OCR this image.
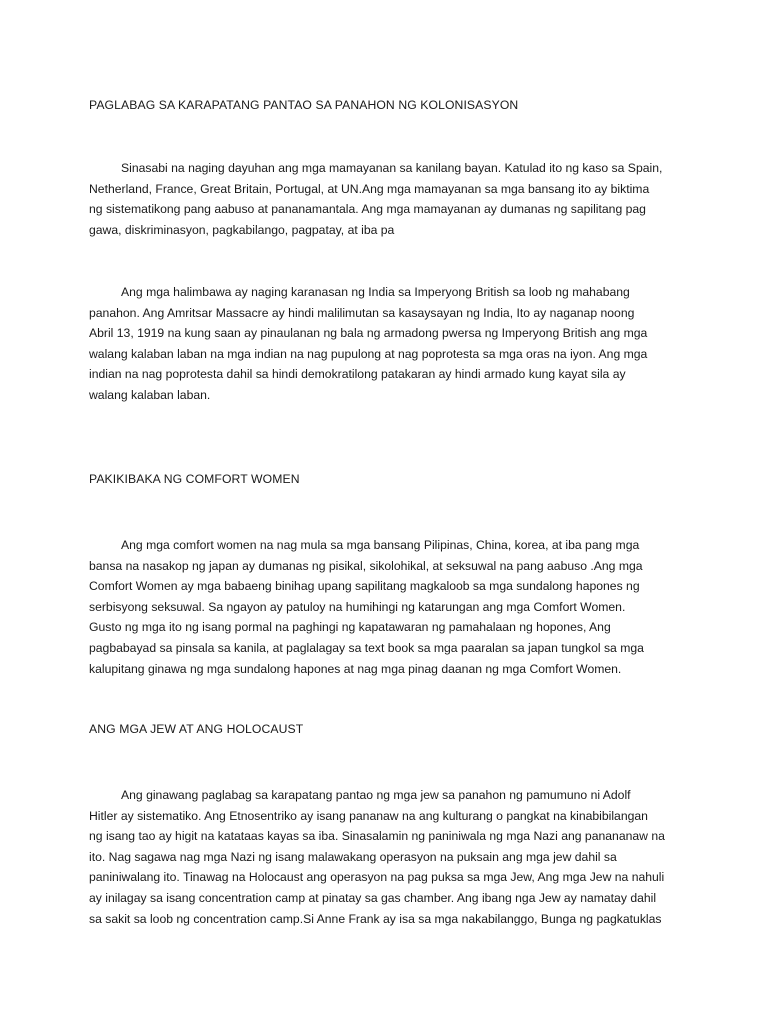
PAGLABAG SA KARAPATANG PANTAO SA PANAHON NG KOLONISASYON

Sinasabi na naging dayuhan ang mga mamayanan sa kanilang bayan. Katulad ito ng kaso sa Spain,
Netherland, France, Great Britain, Portugal, at UN.Ang mga mamayanan sa mga bansang ito ay biktima
ng sistematikong pang aabuso at pananamantala. Ang mga mamayanan ay dumanas ng sapilitang pag
gawa, diskriminasyon, pagkabilango, pagpatay, at iba pa

Ang mga halimbawa ay naging karanasan ng India sa Imperyong British sa loob ng mahabang
panahon. Ang Amritsar Massacre ay hindi malilimutan sa kasaysayan ng India, Ito ay naganap noong
Abril 13, 1919 na kung saan ay pinaulanan ng bala ng armadong pwersa ng Imperyong British ang mga
walang kalaban laban na mga indian na nag pupulong at nag poprotesta sa mga oras na iyon. Ang mga
indian na nag poprotesta dahil sa hindi demokratilong patakaran ay hindi armado kung kayat sila ay
walang kalaban laban.

PAKIKIBAKA NG COMFORT WOMEN

Ang mga comfort women na nag mula sa mga bansang Pilipinas, China, korea, at iba pang mga
bansa na nasakop ng japan ay dumanas ng pisikal, sikolohikal, at seksuwal na pang aabuso .Ang mga
Comfort Women ay mga babaeng binihag upang sapilitang magkaloob sa mga sundalong hapones ng
serbisyong seksuwal. Sa ngayon ay patuloy na humihingi ng katarungan ang mga Comfort Women.
Gusto ng mga ito ng isang pormal na paghingi ng kapatawaran ng pamahalaan ng hopones, Ang
pagbabayad sa pinsala sa kanila, at paglalagay sa text book sa mga paaralan sa japan tungkol sa mga
kalupitang ginawa ng mga sundalong hapones at nag mga pinag daanan ng mga Comfort Women.

ANG MGA JEW AT ANG HOLOCAUST

Ang ginawang paglabag sa karapatang pantao ng mga jew sa panahon ng pamumuno ni Adolf
Hitler ay sistematiko. Ang Etnosentriko ay isang pananaw na ang kulturang o pangkat na kinabibilangan
ng isang tao ay higit na katataas kayas sa iba. Sinasalamin ng paniniwala ng mga Nazi ang panananaw na
ito. Nag sagawa nag mga Nazi ng isang malawakang operasyon na puksain ang mga jew dahil sa
paniniwalang ito. Tinawag na Holocaust ang operasyon na pag puksa sa mga Jew, Ang mga Jew na nahuli
ay inilagay sa isang concentration camp at pinatay sa gas chamber. Ang ibang nga Jew ay namatay dahil
sa sakit sa loob ng concentration camp.Si Anne Frank ay isa sa mga nakabilanggo, Bunga ng pagkatuklas
